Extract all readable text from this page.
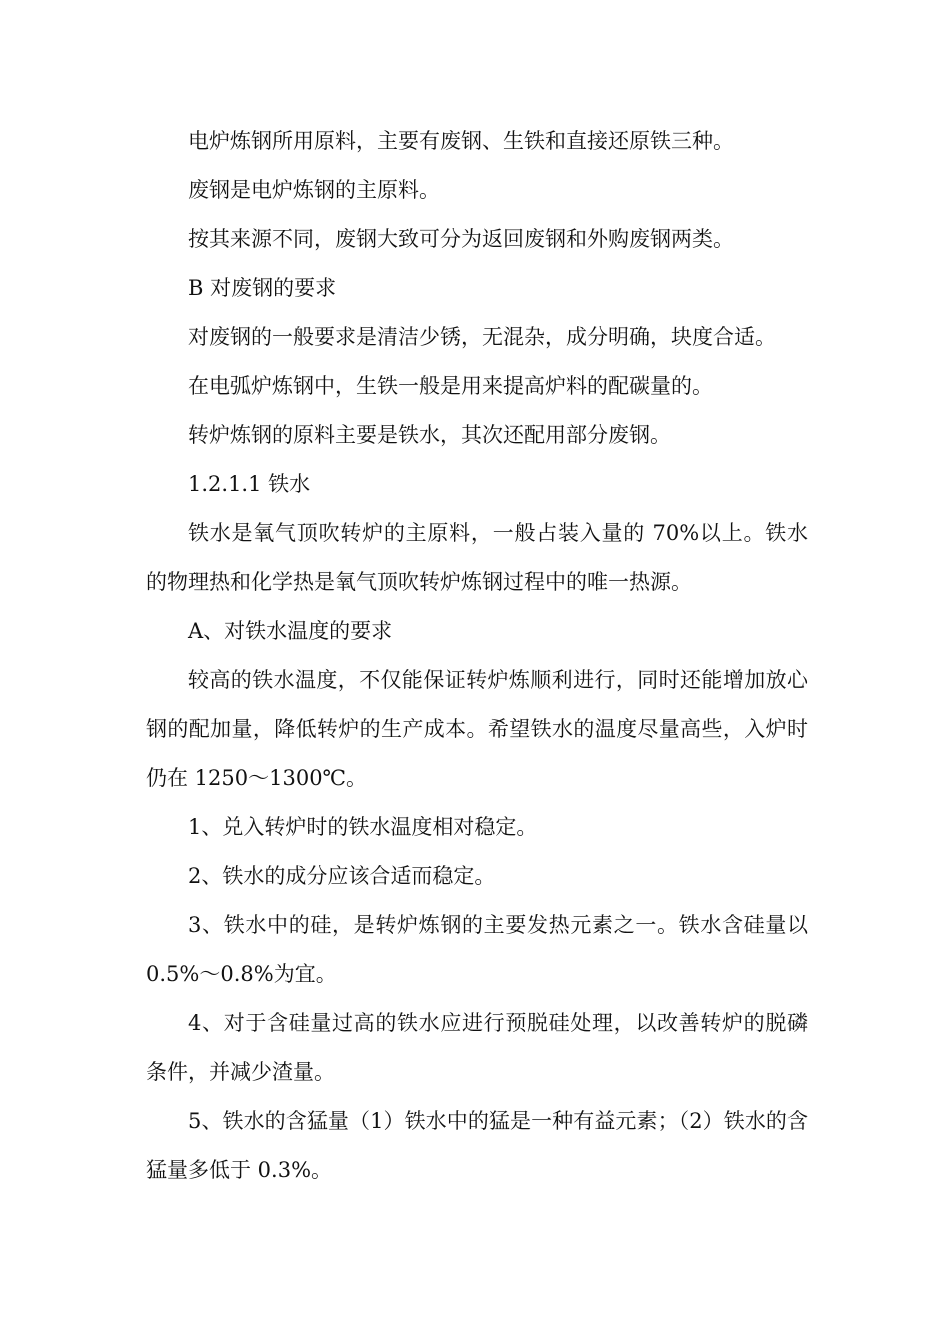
电炉炼钢所用原料，主要有废钢、生铁和直接还原铁三种。

废钢是电炉炼钢的主原料。

按其来源不同，废钢大致可分为返回废钢和外购废钢两类。

B 对废钢的要求

对废钢的一般要求是清洁少锈，无混杂，成分明确，块度合适。

在电弧炉炼钢中，生铁一般是用来提高炉料的配碳量的。

转炉炼钢的原料主要是铁水，其次还配用部分废钢。

1.2.1.1 铁水

铁水是氧气顶吹转炉的主原料，一般占装入量的 70%以上。铁水的物理热和化学热是氧气顶吹转炉炼钢过程中的唯一热源。

A、对铁水温度的要求

较高的铁水温度，不仅能保证转炉炼顺利进行，同时还能增加放心钢的配加量，降低转炉的生产成本。希望铁水的温度尽量高些，入炉时仍在 1250～1300℃。

1、兑入转炉时的铁水温度相对稳定。

2、铁水的成分应该合适而稳定。

3、铁水中的硅，是转炉炼钢的主要发热元素之一。铁水含硅量以 0.5%～0.8%为宜。

4、对于含硅量过高的铁水应进行预脱硅处理，以改善转炉的脱磷条件，并减少渣量。

5、铁水的含猛量（1）铁水中的猛是一种有益元素；（2）铁水的含猛量多低于 0.3%。
